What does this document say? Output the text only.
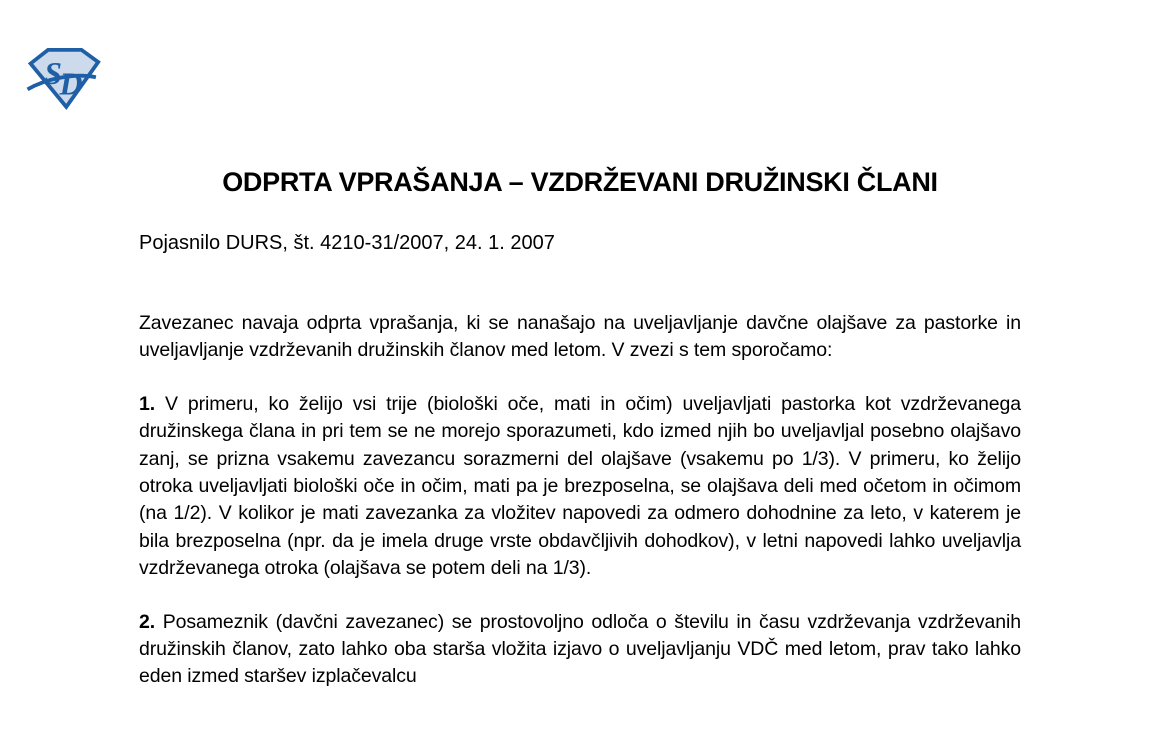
S
D
ODPRTA VPRAŠANJA – VZDRŽEVANI DRUŽINSKI ČLANI

Pojasnilo DURS, št. 4210-31/2007, 24. 1. 2007

Zavezanec navaja odprta vprašanja, ki se nanašajo na uveljavljanje davčne olajšave za pastorke in uveljavljanje vzdrževanih družinskih članov med letom. V zvezi s tem sporočamo:

1. V primeru, ko želijo vsi trije (biološki oče, mati in očim) uveljavljati pastorka kot vzdrževanega družinskega člana in pri tem se ne morejo sporazumeti, kdo izmed njih bo uveljavljal posebno olajšavo zanj, se prizna vsakemu zavezancu sorazmerni del olajšave (vsakemu po 1/3). V primeru, ko želijo otroka uveljavljati biološki oče in očim, mati pa je brezposelna, se olajšava deli med očetom in očimom (na 1/2). V kolikor je mati zavezanka za vložitev napovedi za odmero dohodnine za leto, v katerem je bila brezposelna (npr. da je imela druge vrste obdavčljivih dohodkov), v letni napovedi lahko uveljavlja vzdrževanega otroka (olajšava se potem deli na 1/3).

2. Posameznik (davčni zavezanec) se prostovoljno odloča o številu in času vzdrževanja vzdrževanih družinskih članov, zato lahko oba starša vložita izjavo o uveljavljanju VDČ med letom, prav tako lahko eden izmed staršev izplačevalcu
